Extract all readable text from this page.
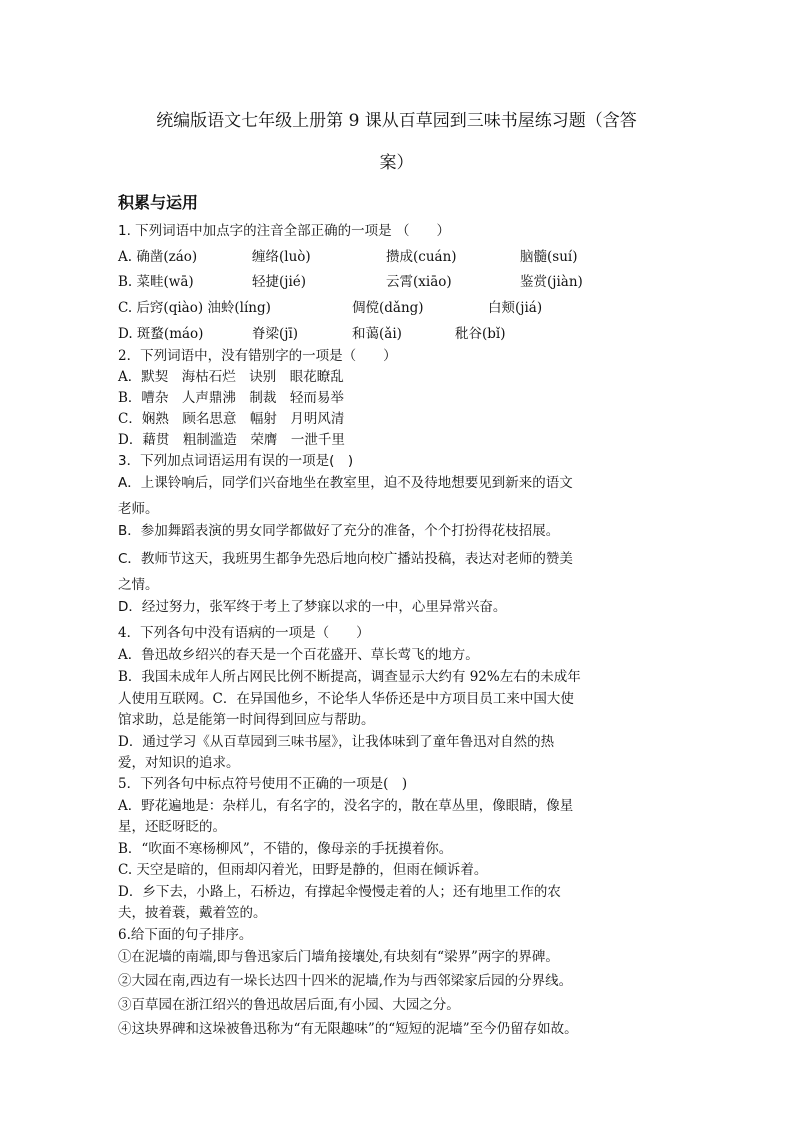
统编版语文七年级上册第 9 课从百草园到三味书屋练习题（含答
案）
积累与运用
1. 下列词语中加点字的注音全部正确的一项是 （　　）
A. 确凿(záo)	缠络(luò)	攒成(cuán)	脑髓(suí)
B. 菜畦(wā)	轻捷(jié)	云霄(xiāo)	鉴赏(jiàn)
C. 后窍(qiào) 油蛉(líng)	倜傥(dǎng)	白颊(jiá)
D. 斑蝥(máo)	脊梁(jī)	和蔼(ǎi)	秕谷(bǐ)
2．下列词语中，没有错别字的一项是（　　）
A．默契　海枯石烂　诀别　眼花瞭乱
B．嘈杂　人声鼎沸　制裁　轻而易举
C．娴熟　顾名思意　幅射　月明风清
D．藉贯　粗制滥造　荣膺　一泄千里
3．下列加点词语运用有误的一项是(　)
A．上课铃响后，同学们兴奋地坐在教室里，迫不及待地想要见到新来的语文
老师。
B．参加舞蹈表演的男女同学都做好了充分的准备，个个打扮得花枝招展。
C．教师节这天，我班男生都争先恐后地向校广播站投稿，表达对老师的赞美
之情。
D．经过努力，张军终于考上了梦寐以求的一中，心里异常兴奋。
4．下列各句中没有语病的一项是（　　）
A．鲁迅故乡绍兴的春天是一个百花盛开、草长莺飞的地方。
B．我国未成年人所占网民比例不断提高，调查显示大约有 92%左右的未成年
人使用互联网。C．在异国他乡，不论华人华侨还是中方项目员工来中国大使
馆求助，总是能第一时间得到回应与帮助。
D．通过学习《从百草园到三味书屋》，让我体味到了童年鲁迅对自然的热
爱，对知识的追求。
5．下列各句中标点符号使用不正确的一项是(　)
A．野花遍地是：杂样儿，有名字的，没名字的，散在草丛里，像眼睛，像星
星，还眨呀眨的。
B．“吹面不寒杨柳风”，不错的，像母亲的手抚摸着你。
C. 天空是暗的，但雨却闪着光，田野是静的，但雨在倾诉着。
D．乡下去，小路上，石桥边，有撑起伞慢慢走着的人；还有地里工作的农
夫，披着蓑，戴着笠的。
6.给下面的句子排序。
①在泥墙的南端,即与鲁迅家后门墙角接壤处,有块刻有“梁界”两字的界碑。
②大园在南,西边有一垛长达四十四米的泥墙,作为与西邻梁家后园的分界线。
③百草园在浙江绍兴的鲁迅故居后面,有小园、大园之分。
④这块界碑和这垛被鲁迅称为“有无限趣味”的“短短的泥墙”至今仍留存如故。
